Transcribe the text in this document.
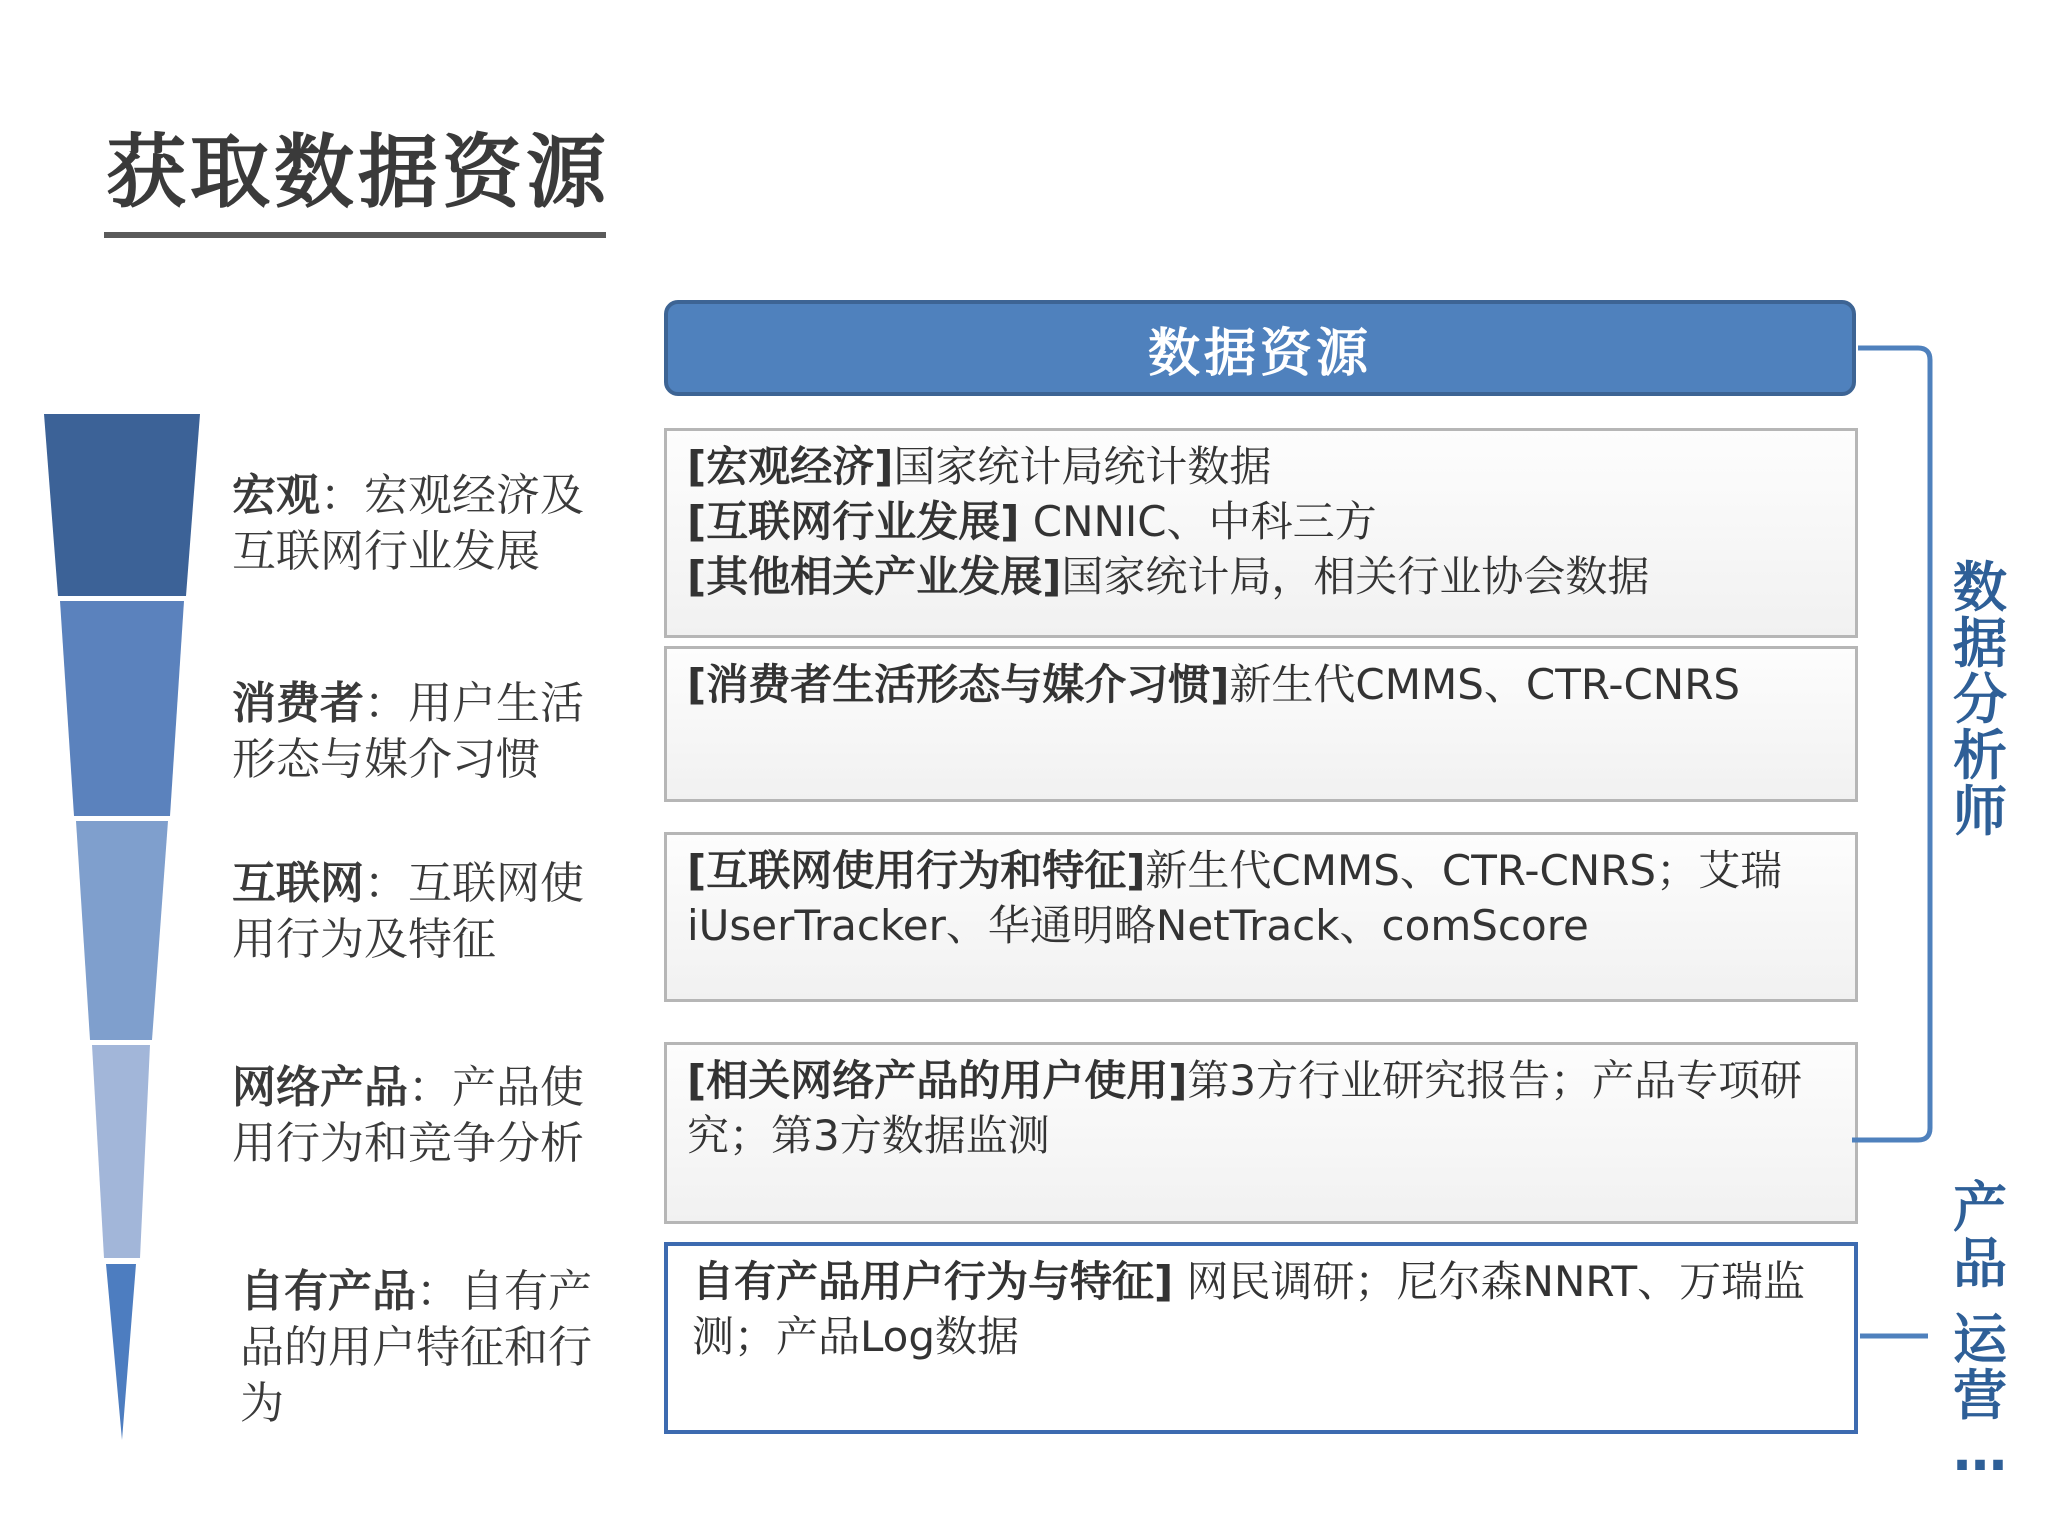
获取数据资源
宏观：宏观经济及互联网行业发展
消费者：用户生活形态与媒介习惯
互联网：互联网使用行为及特征
网络产品：产品使用行为和竞争分析
自有产品：自有产品的用户特征和行为
数据资源

[宏观经济]国家统计局统计数据

[互联网行业发展] CNNIC、中科三方

[其他相关产业发展]国家统计局，相关行业协会数据

[消费者生活形态与媒介习惯]新生代CMMS、CTR-CNRS

[互联网使用行为和特征]新生代CMMS、CTR-CNRS；艾瑞iUserTracker、华通明略NetTrack、comScore

[相关网络产品的用户使用]第3方行业研究报告；产品专项研究；第3方数据监测

自有产品用户行为与特征] 网民调研；尼尔森NNRT、万瑞监测；产品Log数据

数
据
分
析
师
产
品
运
营
…
